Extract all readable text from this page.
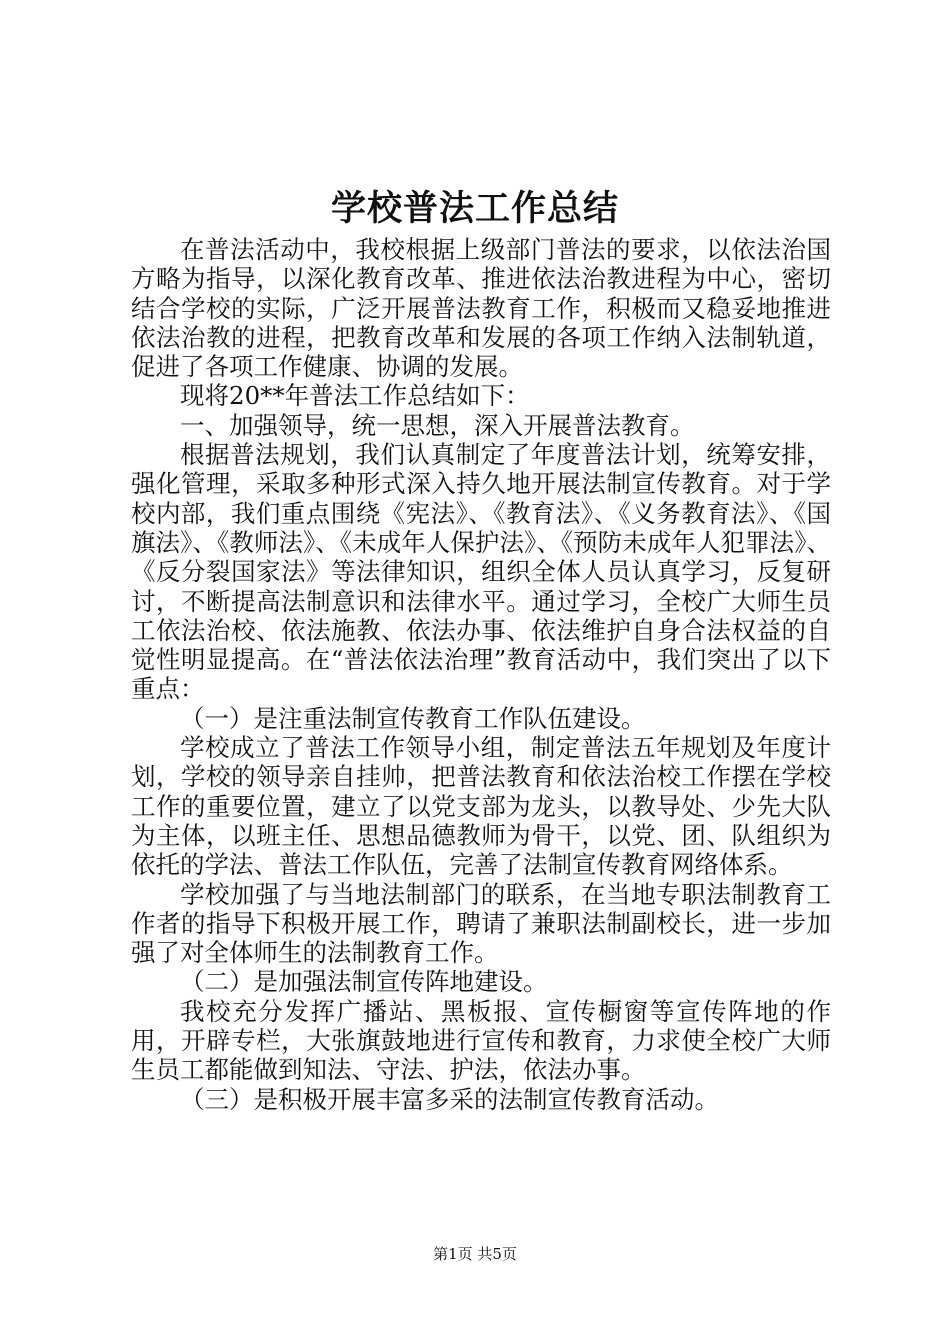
学校普法工作总结

在普法活动中，我校根据上级部门普法的要求，以依法治国方略为指导，以深化教育改革、推进依法治教进程为中心，密切结合学校的实际，广泛开展普法教育工作，积极而又稳妥地推进依法治教的进程，把教育改革和发展的各项工作纳入法制轨道，促进了各项工作健康、协调的发展。

现将20**年普法工作总结如下：

一、加强领导，统一思想，深入开展普法教育。

根据普法规划，我们认真制定了年度普法计划，统筹安排，强化管理，采取多种形式深入持久地开展法制宣传教育。对于学校内部，我们重点围绕《宪法》、《教育法》、《义务教育法》、《国旗法》、《教师法》、《未成年人保护法》、《预防未成年人犯罪法》、《反分裂国家法》等法律知识，组织全体人员认真学习，反复研讨，不断提高法制意识和法律水平。通过学习，全校广大师生员工依法治校、依法施教、依法办事、依法维护自身合法权益的自觉性明显提高。在“普法依法治理”教育活动中，我们突出了以下重点：

（一）是注重法制宣传教育工作队伍建设。

学校成立了普法工作领导小组，制定普法五年规划及年度计划，学校的领导亲自挂帅，把普法教育和依法治校工作摆在学校工作的重要位置，建立了以党支部为龙头，以教导处、少先大队为主体，以班主任、思想品德教师为骨干，以党、团、队组织为依托的学法、普法工作队伍，完善了法制宣传教育网络体系。

学校加强了与当地法制部门的联系，在当地专职法制教育工作者的指导下积极开展工作，聘请了兼职法制副校长，进一步加强了对全体师生的法制教育工作。

（二）是加强法制宣传阵地建设。

我校充分发挥广播站、黑板报、宣传橱窗等宣传阵地的作用，开辟专栏，大张旗鼓地进行宣传和教育，力求使全校广大师生员工都能做到知法、守法、护法，依法办事。

（三）是积极开展丰富多采的法制宣传教育活动。

第1页 共5页
